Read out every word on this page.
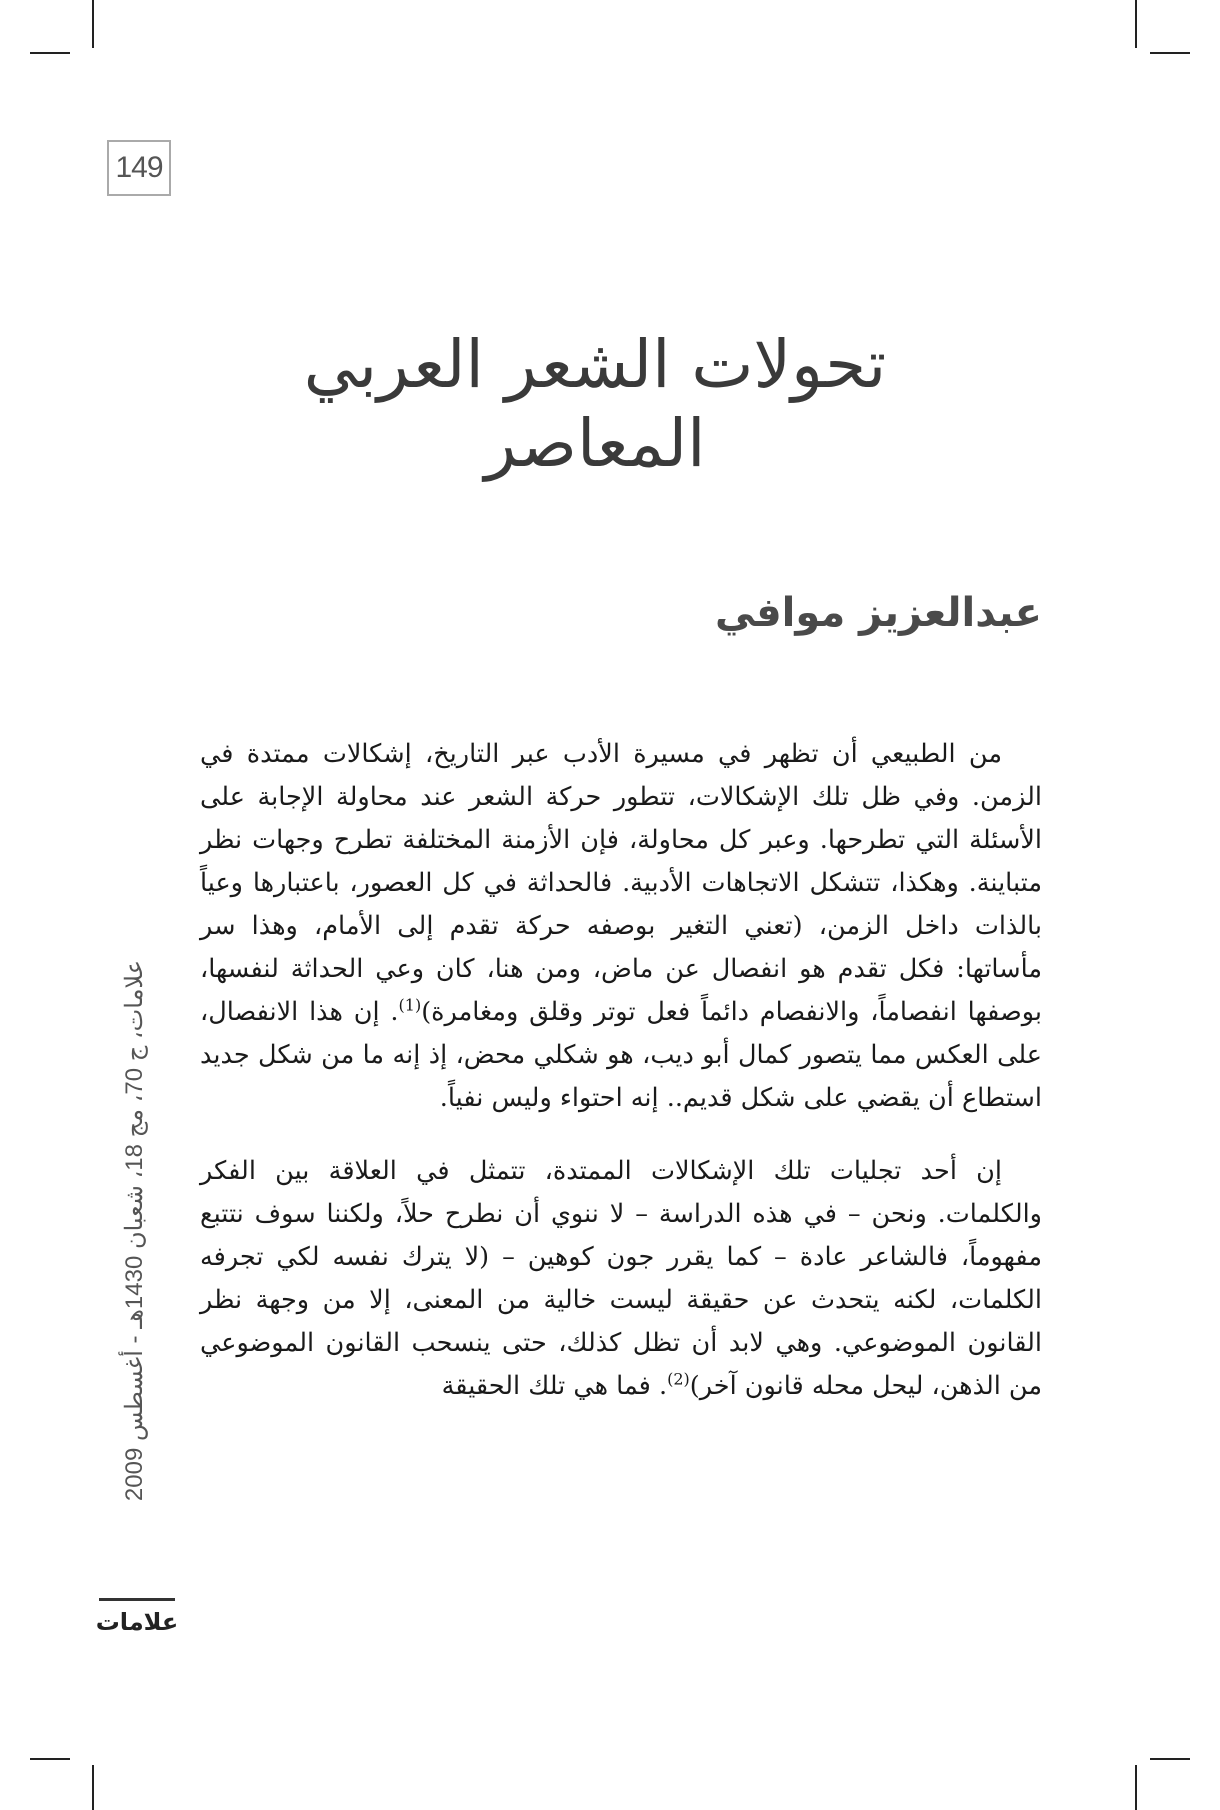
149
تحولات الشعر العربي المعاصر
عبدالعزيز موافي

من الطبيعي أن تظهر في مسيرة الأدب عبر التاريخ، إشكالات ممتدة في الزمن. وفي ظل تلك الإشكالات، تتطور حركة الشعر عند محاولة الإجابة على الأسئلة التي تطرحها. وعبر كل محاولة، فإن الأزمنة المختلفة تطرح وجهات نظر متباينة. وهكذا، تتشكل الاتجاهات الأدبية. فالحداثة في كل العصور، باعتبارها وعياً بالذات داخل الزمن، (تعني التغير بوصفه حركة تقدم إلى الأمام، وهذا سر مأساتها: فكل تقدم هو انفصال عن ماض، ومن هنا، كان وعي الحداثة لنفسها، بوصفها انفصاماً، والانفصام دائماً فعل توتر وقلق ومغامرة)$^{(1)}$. إن هذا الانفصال، على العكس مما يتصور كمال أبو ديب، هو شكلي محض، إذ إنه ما من شكل جديد استطاع أن يقضي على شكل قديم.. إنه احتواء وليس نفياً.

إن أحد تجليات تلك الإشكالات الممتدة، تتمثل في العلاقة بين الفكر والكلمات. ونحن – في هذه الدراسة – لا ننوي أن نطرح حلاً، ولكننا سوف نتتبع مفهوماً، فالشاعر عادة – كما يقرر جون كوهين – (لا يترك نفسه لكي تجرفه الكلمات، لكنه يتحدث عن حقيقة ليست خالية من المعنى، إلا من وجهة نظر القانون الموضوعي. وهي لابد أن تظل كذلك، حتى ينسحب القانون الموضوعي من الذهن، ليحل محله قانون آخر)$^{(2)}$. فما هي تلك الحقيقة

علامات، ج 70، مج 18، شعبان 1430هـ - أغسطس 2009
علامات
